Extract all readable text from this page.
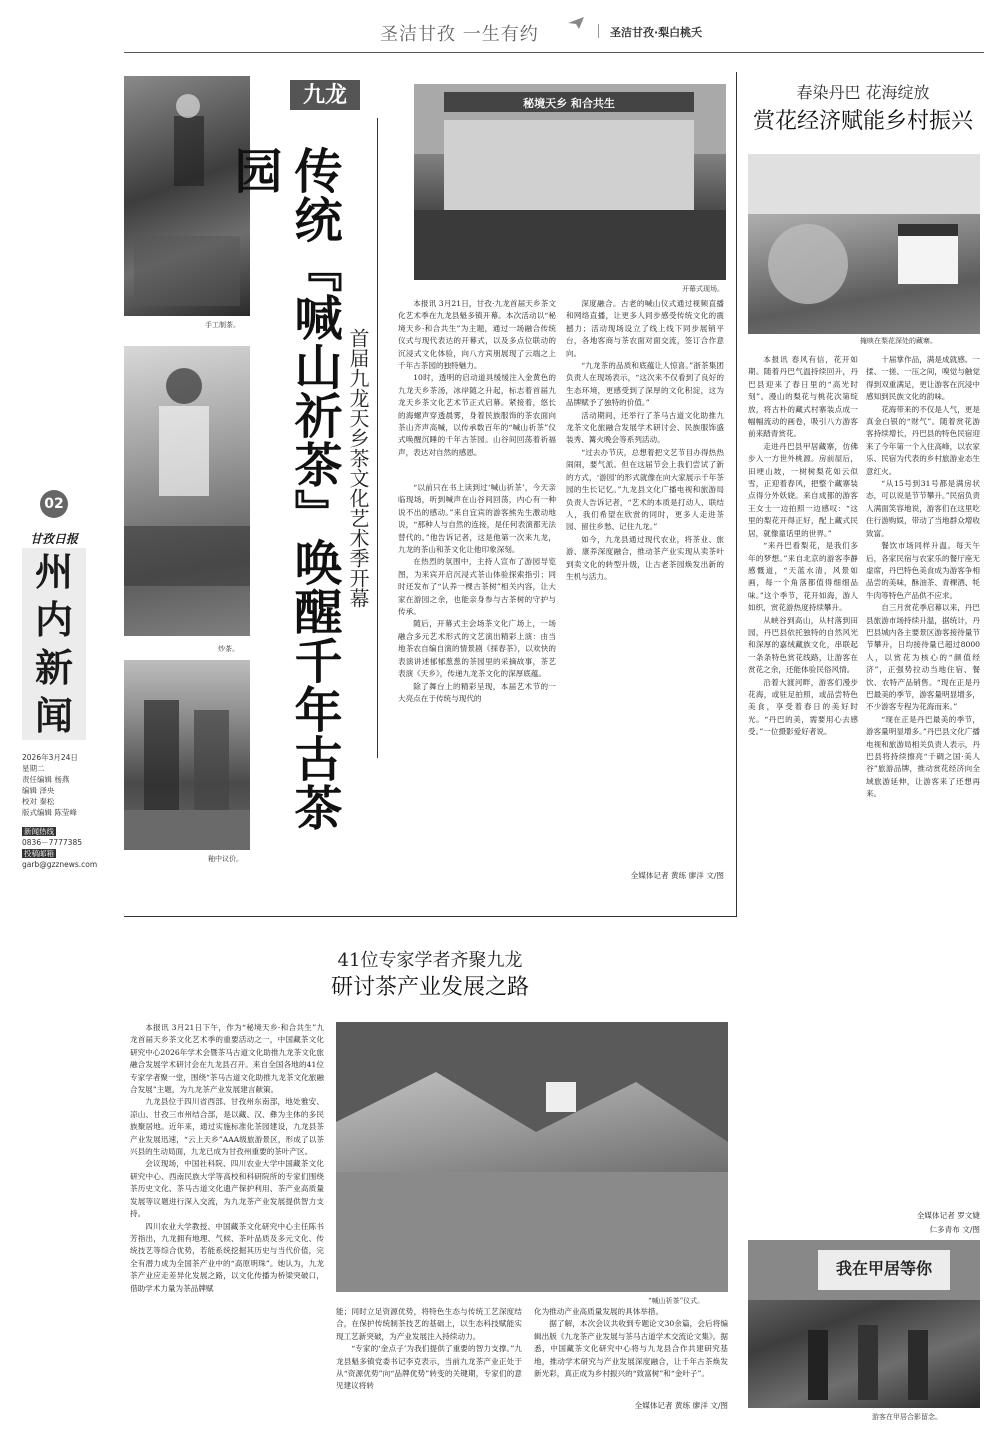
圣洁甘孜 一生有约	圣洁甘孜·梨白桃夭
02
甘孜日报
州
内
新
闻
2026年3月24日
星期二
责任编辑 杨燕
编辑 泽央
校对 秦松
版式编辑 陈莹峰
新闻热线
0836－7777385
投稿邮箱
garb@gzznews.com
手工制茶。
炒茶。
釉中议价。
九龙
传统『喊山祈茶』唤醒千年古茶园
首届九龙天乡茶文化艺术季开幕
秘境天乡 和合共生
开幕式现场。

本报讯 3月21日，甘孜·九龙首届天乡茶文化艺术季在九龙县魁多镇开幕。本次活动以“秘境天乡·和合共生”为主题，通过一场融合传统仪式与现代表达的开幕式，以及多点位联动的沉浸式文化体验，向八方宾朋展现了云端之上千年古茶园的独特魅力。

10时，透明的启动道具缓缓注入金黄色的九龙天乡茶汤，冰岸随之升起，标志着首届九龙天乡茶文化艺术节正式启幕。紧接着，悠长的海螺声穿透晨雾，身着民族服饰的茶农面向茶山齐声高喊，以传承数百年的“喊山祈茶”仪式唤醒沉睡的千年古茶园。山谷间回荡着祈福声，表达对自然的感恩。

“以前只在书上读到过‘喊山祈茶’，今天亲临现场，听到喊声在山谷间回荡，内心有一种说不出的感动。”来自宜宾的游客熊先生激动地说，“那种人与自然的连接，是任何表演都无法替代的。”他告诉记者，这是他第一次来九龙，九龙的茶山和茶文化让他印象深刻。

在热烈的氛围中，主持人宣布了游园导览图，为来宾开启沉浸式茶山体验探索指引；同时还发布了“认养一棵古茶树”相关内容，让大家在游园之余，也能亲身参与古茶树的守护与传承。

随后，开幕式主会场茶文化广场上，一场融合多元艺术形式的文艺演出精彩上演：由当地茶农自编自演的情景剧《採春茶》，以欢快的表演讲述郁郁葱葱的茶园里的采摘故事，茶艺表演《天乡》，传递九龙茶文化的深厚底蕴。

除了舞台上的精彩呈现，本届艺术节的一大亮点在于传统与现代的

深度融合。古老的喊山仪式通过视频直播和网络直播，让更多人同步感受传统文化的震撼力；活动现场设立了线上线下同步展销平台，各地客商与茶农面对面交流，签订合作意向。

“九龙茶的品质和底蕴让人惊喜。”浙茶集团负责人在现场表示，“这次来不仅看到了良好的生态环境，更感受到了深厚的文化积淀，这为品牌赋予了独特的价值。”

活动期间，还举行了茶马古道文化助推九龙茶文化旅融合发展学术研讨会、民族服饰盛装秀、篝火晚会等系列活动。

“过去办节庆，总想着把文艺节目办得热热闹闹，要气派。但在这届节会上我们尝试了新的方式，‘游园’的形式就像在向大家展示千年茶园的生长记忆。”九龙县文化广播电视和旅游局负责人告诉记者，“艺术的本质是打动人、联结人，我们希望在欣赏的同时，更多人走进茶园、留住乡愁、记住九龙。”

如今，九龙县通过现代农业，将茶业、旅游、康养深度融合，推动茶产业实现从卖茶叶到卖文化的转型升级，让古老茶园焕发出新的生机与活力。

全媒体记者 黄练 廖洋 文/图
春染丹巴 花海绽放
赏花经济赋能乡村振兴
掩映在梨花深处的藏寨。

本报讯 春风有信，花开如期。随着丹巴气温持续回升，丹巴县迎来了春日里的“高光时刻”。漫山的梨花与桃花次第绽放，将古朴的藏式村寨装点成一幅幅流动的画卷，吸引八方游客前来踏青赏花。

走进丹巴县甲居藏寨，仿佛步入一方世外桃源。房前屋后，田埂山坡，一树树梨花如云似雪，正迎着春风，把整个藏寨装点得分外妖娆。来自成都的游客王女士一边拍照一边感叹：“这里的梨花开得正好，配上藏式民居，就像童话里的世界。”

“来丹巴看梨花，是我们多年的梦想。”来自北京的游客李静感慨道，“天蓝水清，风景如画，每一个角落都值得细细品味。”这个季节，花开如海，游人如织，赏花游热度持续攀升。

从峡谷到高山，从村落到田园，丹巴县依托独特的自然风光和深厚的嘉绒藏族文化，串联起一条条特色赏花线路，让游客在赏花之余，还能体验民俗风情。

沿着大渡河畔，游客们漫步花海，或驻足拍照，或品尝特色美食，享受着春日的美好时光。“丹巴的美，需要用心去感受。”一位摄影爱好者说。

十届掌作品，满是成就感。一揉、一搓、一压之间，嗅觉与触觉得到双重满足，更让游客在沉浸中感知到民族文化的韵味。

花海带来的不仅是人气，更是真金白银的“财气”。随着赏花游客持续增长，丹巴县的特色民宿迎来了今年第一个入住高峰，以农家乐、民宿为代表的乡村旅游业态生意红火。

“从15号到31号都是满房状态，可以说是节节攀升。”民宿负责人满面笑容地说，游客们在这里吃住行游购娱，带动了当地群众增收致富。

餐饮市场同样升温。每天午后，各家民宿与农家乐的餐厅座无虚席，丹巴特色美食成为游客争相品尝的美味，酥油茶、青稞酒、牦牛肉等特色产品供不应求。

自三月赏花季启幕以来，丹巴县旅游市场持续升温，据统计，丹巴县城内各主要景区游客接待量节节攀升，日均接待量已超过8000人，以赏花为核心的“颜值经济”，正强势拉动当地住宿、餐饮、农特产品销售。“现在正是丹巴最美的季节，游客量明显增多，不少游客专程为花海而来。”

“现在正是丹巴最美的季节，游客量明显增多。”丹巴县文化广播电视和旅游局相关负责人表示，丹巴县将持续擦亮“千碉之国·美人谷”旅游品牌，推动赏花经济向全域旅游延伸，让游客来了还想再来。

全媒体记者 罗文婕
仁多青布 文/图
我在甲居等你
游客在甲居合影留念。
41位专家学者齐聚九龙
研讨茶产业发展之路

本报讯 3月21日下午，作为“秘境天乡·和合共生”九龙首届天乡茶文化艺术季的重要活动之一，中国藏茶文化研究中心2026年学术会暨茶马古道文化助推九龙茶文化旅融合发展学术研讨会在九龙县召开。来自全国各地的41位专家学者聚一堂，围绕“茶马古道文化助推九龙茶文化旅融合发展”主题，为九龙茶产业发展建言献策。

九龙县位于四川省西部、甘孜州东南部，地处雅安、凉山、甘孜三市州结合部，是以藏、汉、彝为主体的多民族聚居地。近年来，通过实施标准化茶园建设，九龙县茶产业发展迅速，“云上天乡”AAA级旅游景区，形成了以茶兴县的生动局面，九龙已成为甘孜州重要的茶叶产区。

会议现场，中国社科院、四川农业大学中国藏茶文化研究中心、西南民族大学等高校和科研院所的专家们围绕茶历史文化、茶马古道文化遗产保护利用、茶产业高质量发展等议题进行深入交流，为九龙茶产业发展提供智力支持。

四川农业大学教授、中国藏茶文化研究中心主任陈书芳指出，九龙拥有地理、气候、茶叶品质及多元文化、传统技艺等综合优势，若能系统挖掘其历史与当代价值，完全有潜力成为全国茶产业中的“高原明珠”。她认为，九龙茶产业应走差异化发展之路，以文化传播为桥梁突破口，借助学术力量为茶品牌赋

“喊山祈茶”仪式。

能；同时立足资源优势，将特色生态与传统工艺深度结合，在保护传统制茶技艺的基础上，以生态科技赋能实现工艺新突破，为产业发展注入持续动力。

“专家的‘金点子’为我们提供了重要的智力支撑。”九龙县魁多镇党委书记李克表示，当前九龙茶产业正处于从“资源优势”向“品牌优势”转变的关键期，专家们的意见建议将转

化为推动产业高质量发展的具体举措。

据了解，本次会议共收到专题论文30余篇，会后将编辑出版《九龙茶产业发展与茶马古道学术交流论文集》。据悉，中国藏茶文化研究中心将与九龙县合作共建研究基地，推动学术研究与产业发展深度融合，让千年古茶焕发新光彩，真正成为乡村振兴的“致富树”和“金叶子”。

全媒体记者 黄练 廖洋 文/图
